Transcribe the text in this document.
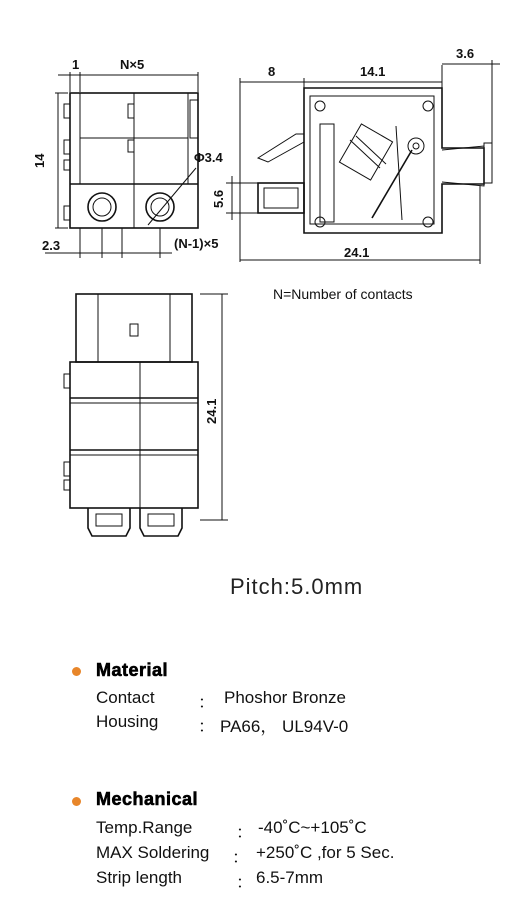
1	N×5
14	Φ3.4
2.3	(N-1)×5
8	14.1
3.6
5.6
24.1
24.1
N=Number of contacts
Pitch:5.0mm
Material
Contact	： Phoshor Bronze
Housing ： PA66， UL94V-0
Mechanical
Temp.Range	： -40˚C~+105˚C
MAX Soldering ： +250˚C ,for 5 Sec.
Strip length	： 6.5-7mm
